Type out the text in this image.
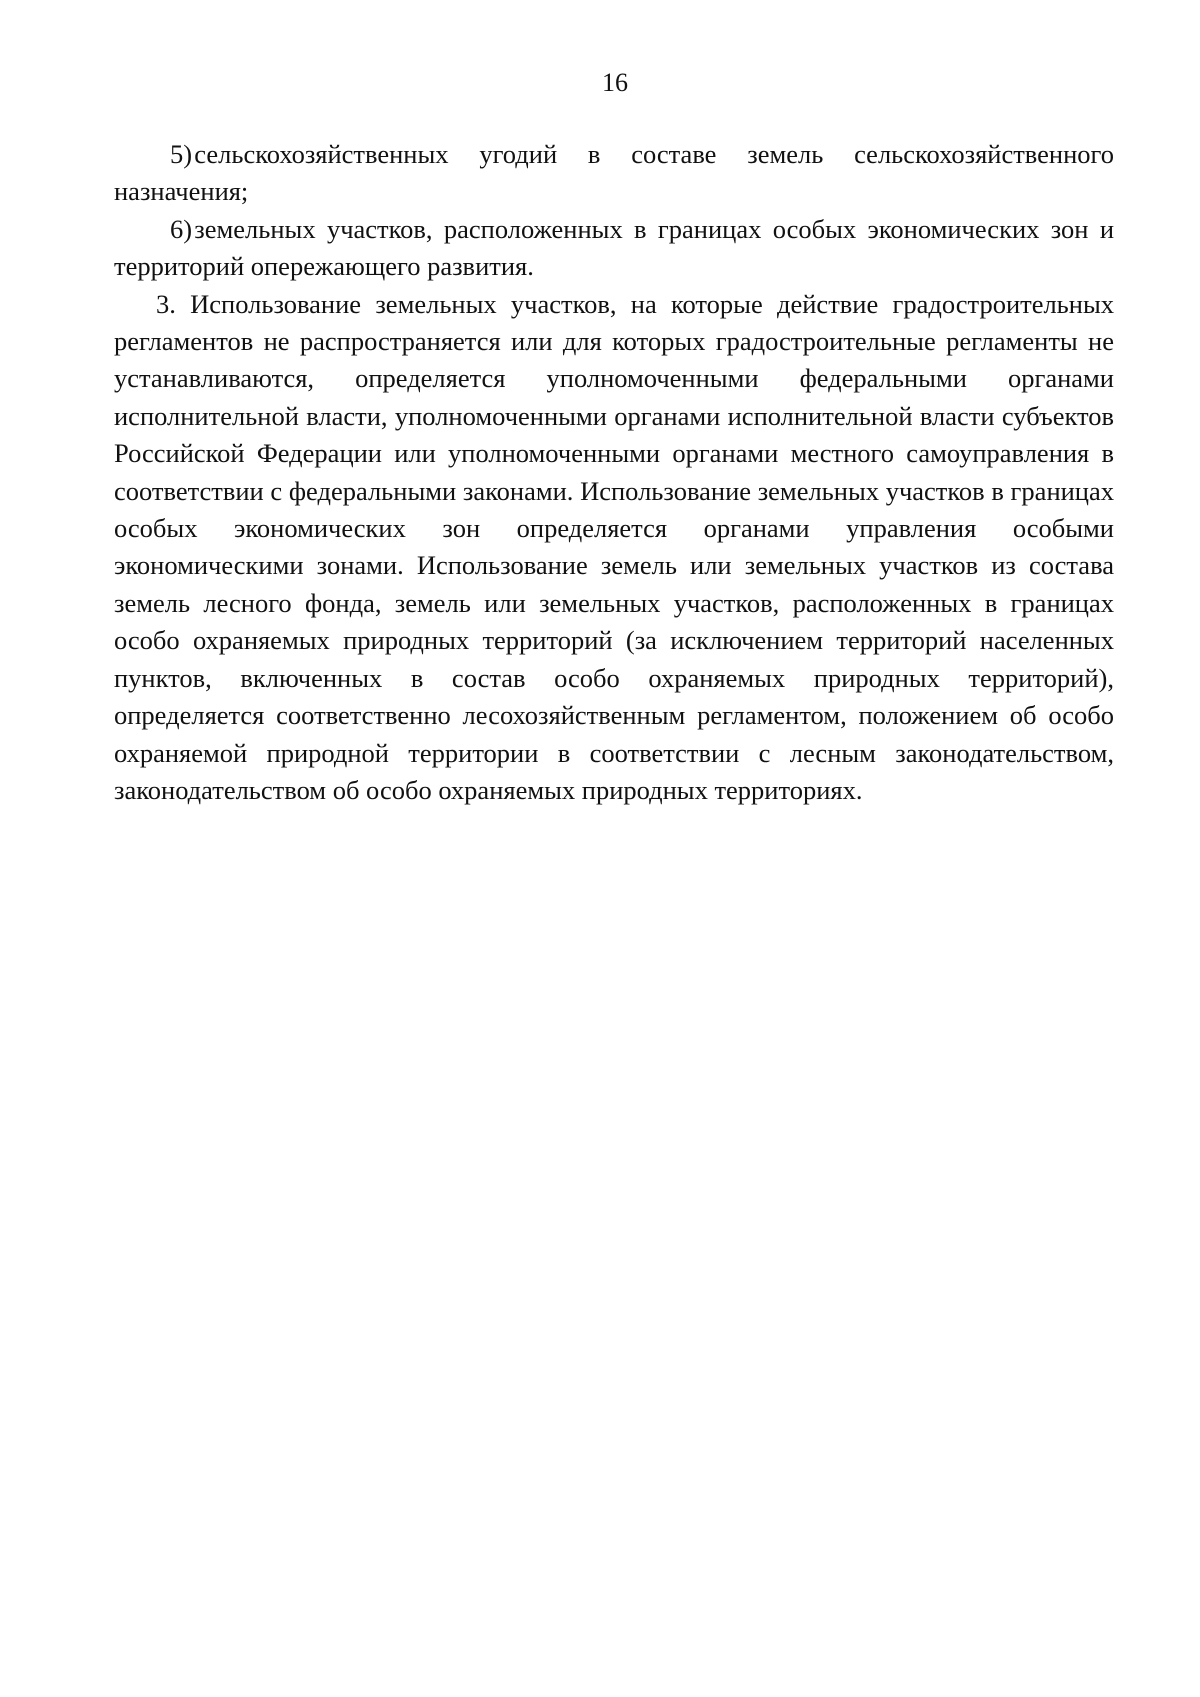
16

5) сельскохозяйственных угодий в составе земель сельскохозяйственного назначения;

6) земельных участков, расположенных в границах особых экономических зон и территорий опережающего развития.

3. Использование земельных участков, на которые действие градостроительных регламентов не распространяется или для которых градостроительные регламенты не устанавливаются, определяется уполномоченными федеральными органами исполнительной власти, уполномоченными органами исполнительной власти субъектов Российской Федерации или уполномоченными органами местного самоуправления в соответствии с федеральными законами. Использование земельных участков в границах особых экономических зон определяется органами управления особыми экономическими зонами. Использование земель или земельных участков из состава земель лесного фонда, земель или земельных участков, расположенных в границах особо охраняемых природных территорий (за исключением территорий населенных пунктов, включенных в состав особо охраняемых природных территорий), определяется соответственно лесохозяйственным регламентом, положением об особо охраняемой природной территории в соответствии с лесным законодательством, законодательством об особо охраняемых природных территориях.
